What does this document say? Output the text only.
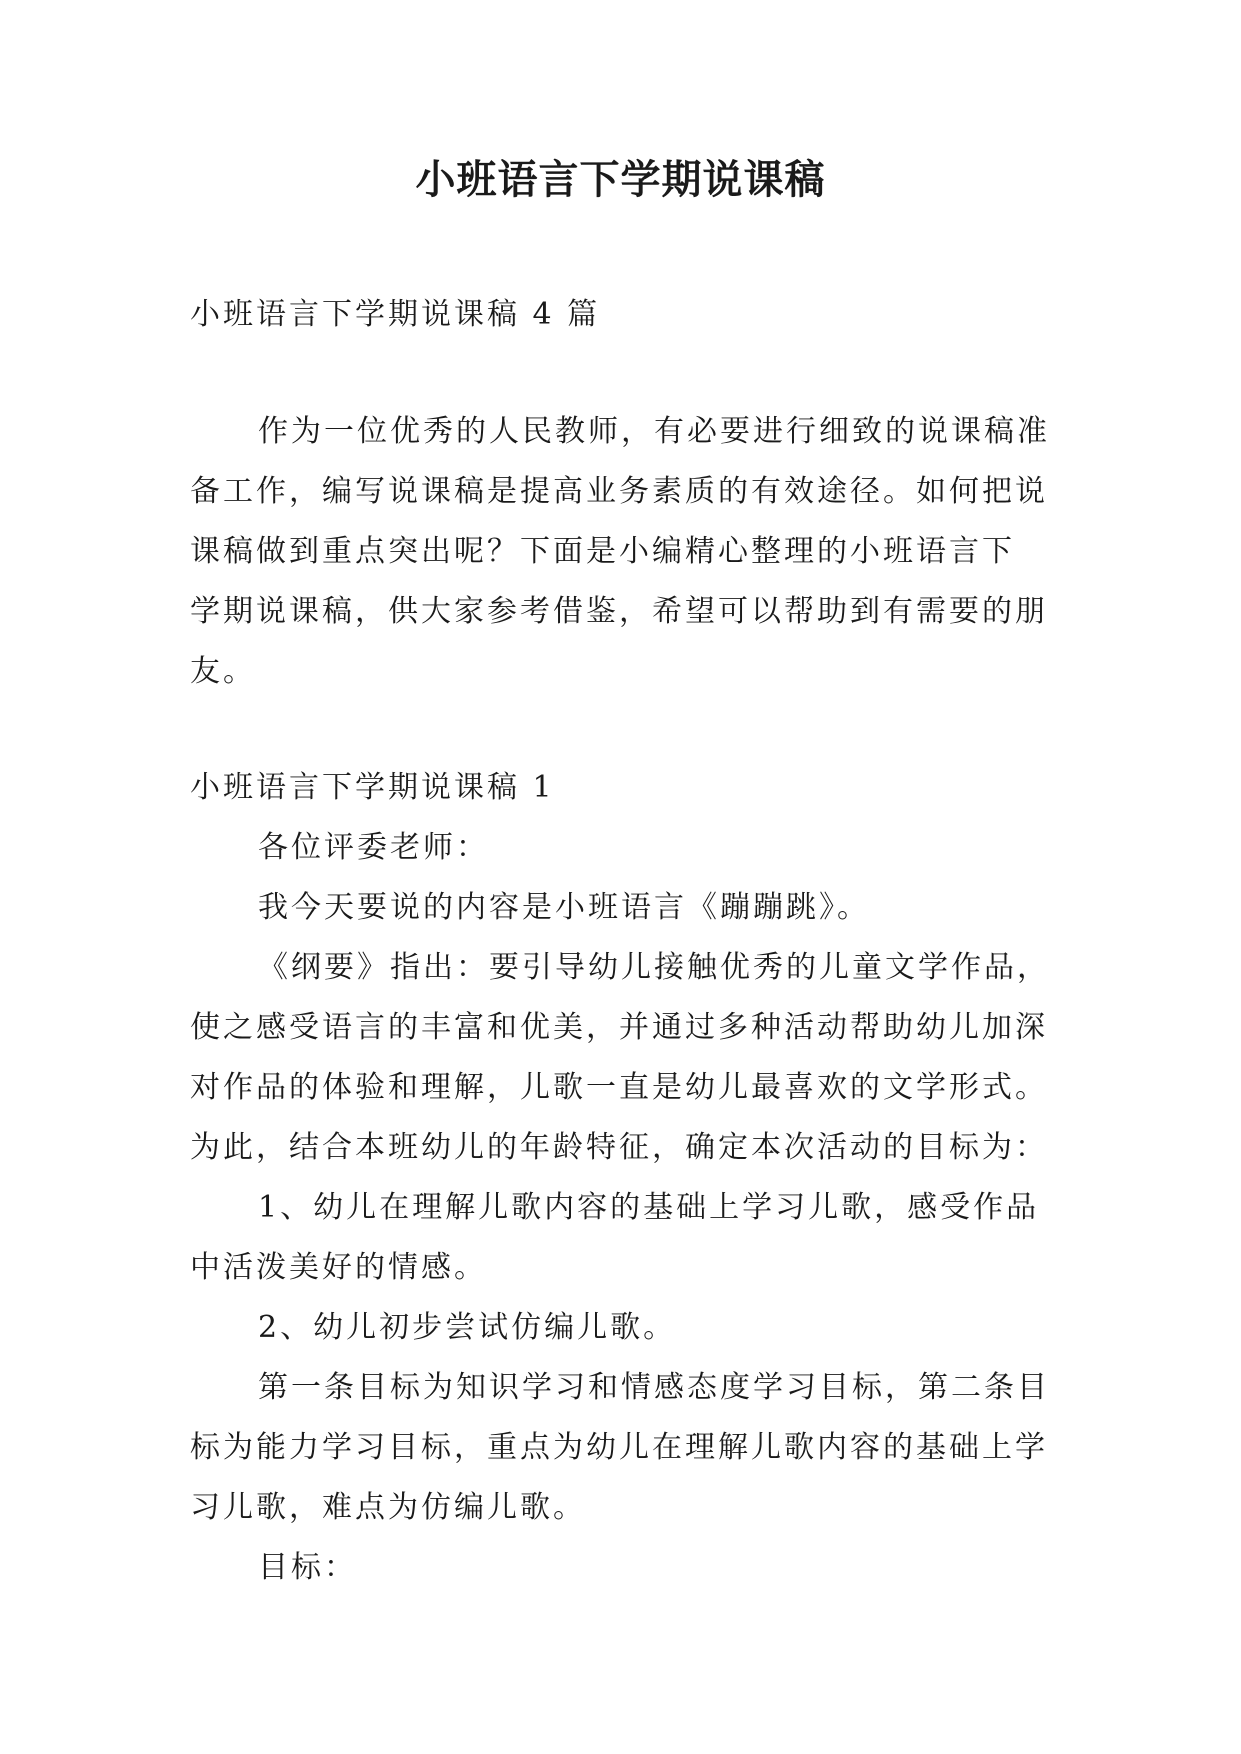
小班语言下学期说课稿
小班语言下学期说课稿 4 篇
作为一位优秀的人民教师，有必要进行细致的说课稿准
备工作，编写说课稿是提高业务素质的有效途径。如何把说
课稿做到重点突出呢？下面是小编精心整理的小班语言下
学期说课稿，供大家参考借鉴，希望可以帮助到有需要的朋
友。
小班语言下学期说课稿 1
各位评委老师：
我今天要说的内容是小班语言《蹦蹦跳》。
《纲要》指出：要引导幼儿接触优秀的儿童文学作品，
使之感受语言的丰富和优美，并通过多种活动帮助幼儿加深
对作品的体验和理解，儿歌一直是幼儿最喜欢的文学形式。
为此，结合本班幼儿的年龄特征，确定本次活动的目标为：
1、幼儿在理解儿歌内容的基础上学习儿歌，感受作品
中活泼美好的情感。
2、幼儿初步尝试仿编儿歌。
第一条目标为知识学习和情感态度学习目标，第二条目
标为能力学习目标，重点为幼儿在理解儿歌内容的基础上学
习儿歌，难点为仿编儿歌。
目标：
